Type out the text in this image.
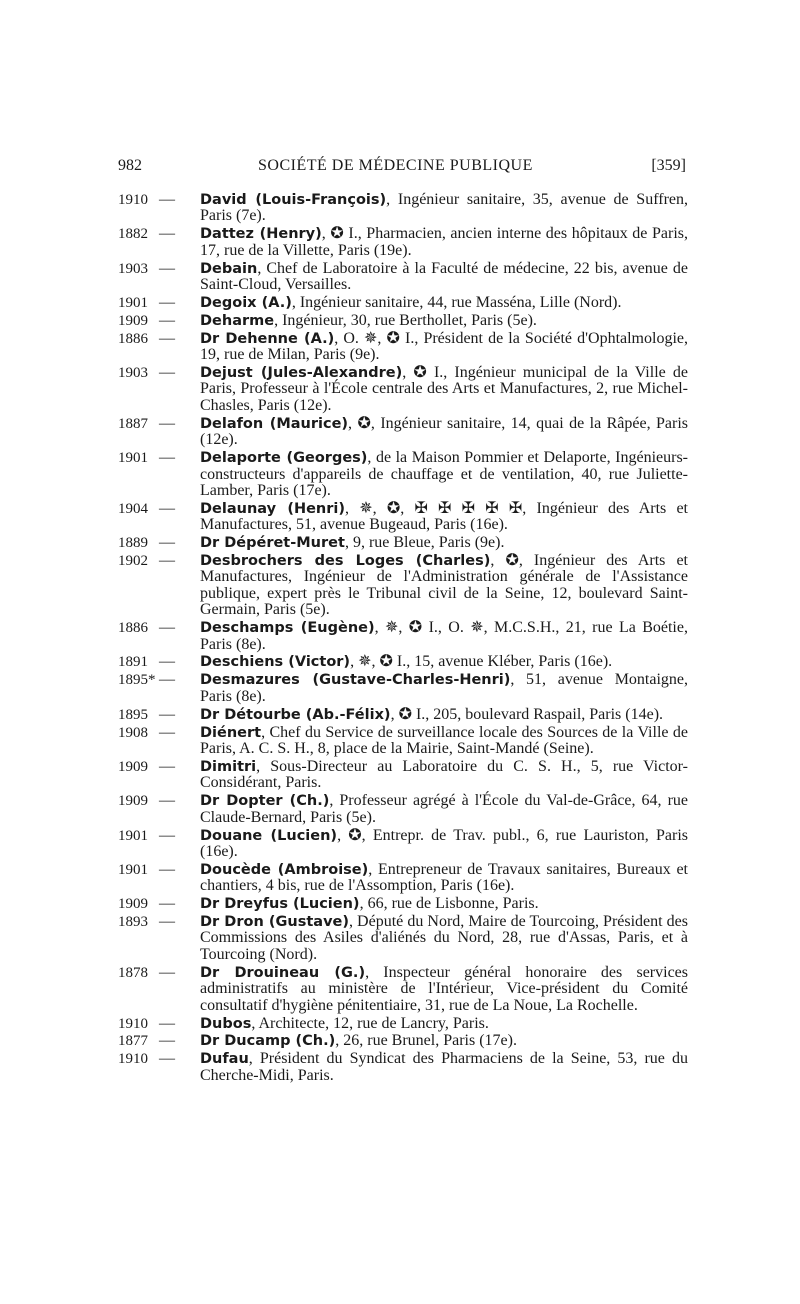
982	SOCIÉTÉ DE MÉDECINE PUBLIQUE	[359]
1910 — David (Louis-François), Ingénieur sanitaire, 35, avenue de Suffren, Paris (7e).
1882 — Dattez (Henry), ✪ I., Pharmacien, ancien interne des hôpitaux de Paris, 17, rue de la Villette, Paris (19e).
1903 — Debain, Chef de Laboratoire à la Faculté de médecine, 22 bis, avenue de Saint-Cloud, Versailles.
1901 — Degoix (A.), Ingénieur sanitaire, 44, rue Masséna, Lille (Nord).
1909 — Deharme, Ingénieur, 30, rue Berthollet, Paris (5e).
1886 — Dr Dehenne (A.), O. ✵, ✪ I., Président de la Société d'Ophtalmologie, 19, rue de Milan, Paris (9e).
1903 — Dejust (Jules-Alexandre), ✪ I., Ingénieur municipal de la Ville de Paris, Professeur à l'École centrale des Arts et Manufactures, 2, rue Michel-Chasles, Paris (12e).
1887 — Delafon (Maurice), ✪, Ingénieur sanitaire, 14, quai de la Râpée, Paris (12e).
1901 — Delaporte (Georges), de la Maison Pommier et Delaporte, Ingénieurs-constructeurs d'appareils de chauffage et de ventilation, 40, rue Juliette-Lamber, Paris (17e).
1904 — Delaunay (Henri), ✵, ✪, ✠ ✠ ✠ ✠ ✠, Ingénieur des Arts et Manufactures, 51, avenue Bugeaud, Paris (16e).
1889 — Dr Dépéret-Muret, 9, rue Bleue, Paris (9e).
1902 — Desbrochers des Loges (Charles), ✪, Ingénieur des Arts et Manufactures, Ingénieur de l'Administration générale de l'Assistance publique, expert près le Tribunal civil de la Seine, 12, boulevard Saint-Germain, Paris (5e).
1886 — Deschamps (Eugène), ✵, ✪ I., O. ✵, M.C.S.H., 21, rue La Boétie, Paris (8e).
1891 — Deschiens (Victor), ✵, ✪ I., 15, avenue Kléber, Paris (16e).
1895* — Desmazures (Gustave-Charles-Henri), 51, avenue Montaigne, Paris (8e).
1895 — Dr Détourbe (Ab.-Félix), ✪ I., 205, boulevard Raspail, Paris (14e).
1908 — Diénert, Chef du Service de surveillance locale des Sources de la Ville de Paris, A. C. S. H., 8, place de la Mairie, Saint-Mandé (Seine).
1909 — Dimitri, Sous-Directeur au Laboratoire du C. S. H., 5, rue Victor-Considérant, Paris.
1909 — Dr Dopter (Ch.), Professeur agrégé à l'École du Val-de-Grâce, 64, rue Claude-Bernard, Paris (5e).
1901 — Douane (Lucien), ✪, Entrepr. de Trav. publ., 6, rue Lauriston, Paris (16e).
1901 — Doucède (Ambroise), Entrepreneur de Travaux sanitaires, Bureaux et chantiers, 4 bis, rue de l'Assomption, Paris (16e).
1909 — Dr Dreyfus (Lucien), 66, rue de Lisbonne, Paris.
1893 — Dr Dron (Gustave), Député du Nord, Maire de Tourcoing, Président des Commissions des Asiles d'aliénés du Nord, 28, rue d'Assas, Paris, et à Tourcoing (Nord).
1878 — Dr Drouineau (G.), Inspecteur général honoraire des services administratifs au ministère de l'Intérieur, Vice-président du Comité consultatif d'hygiène pénitentiaire, 31, rue de La Noue, La Rochelle.
1910 — Dubos, Architecte, 12, rue de Lancry, Paris.
1877 — Dr Ducamp (Ch.), 26, rue Brunel, Paris (17e).
1910 — Dufau, Président du Syndicat des Pharmaciens de la Seine, 53, rue du Cherche-Midi, Paris.
